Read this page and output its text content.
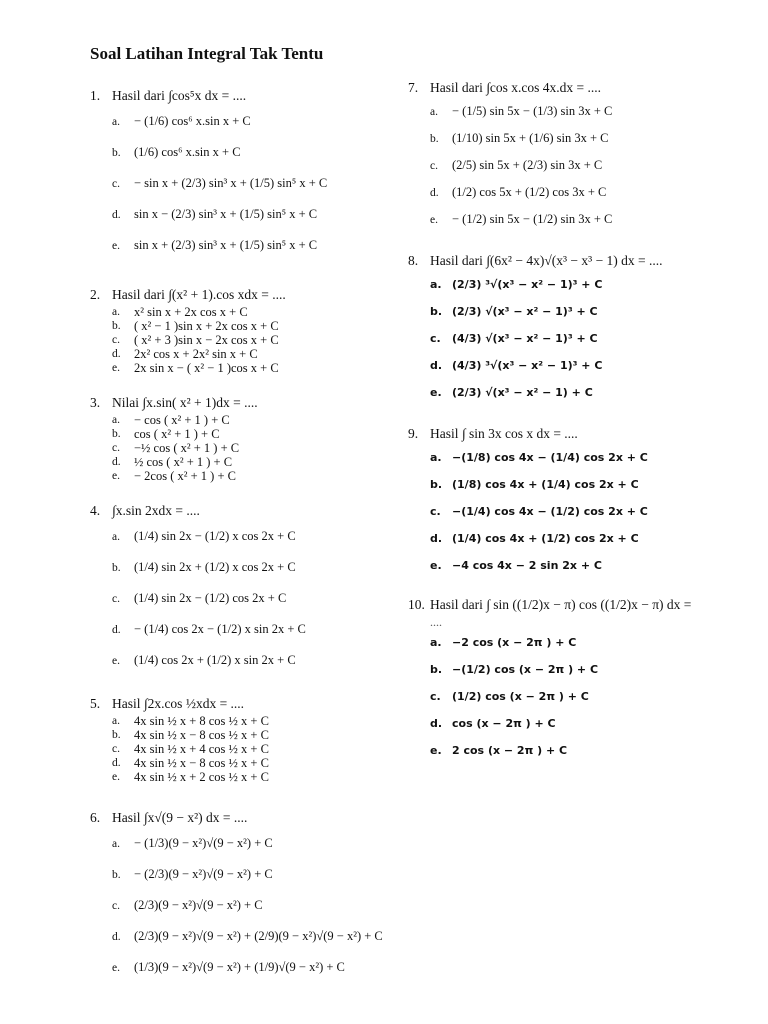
Soal Latihan Integral Tak Tentu
1. Hasil dari ∫cos⁵x dx = ....
a.	− (1/6) cos⁶ x.sin x + C
b.	(1/6) cos⁶ x.sin x + C
c.	− sin x + (2/3) sin³ x + (1/5) sin⁵ x + C
d.	sin x − (2/3) sin³ x + (1/5) sin⁵ x + C
e.	sin x + (2/3) sin³ x + (1/5) sin⁵ x + C
2. Hasil dari ∫(x² + 1).cos xdx = ....
a.	x² sin x + 2x cos x + C
b.	( x² − 1 )sin x + 2x cos x + C
c.	( x² + 3 )sin x − 2x cos x + C
d.	2x² cos x + 2x² sin x + C
e.	2x sin x − ( x² − 1 )cos x + C
3. Nilai ∫x.sin( x² + 1)dx = ....
a.	− cos ( x² + 1 ) + C
b.	cos ( x² + 1 ) + C
c.	−½ cos ( x² + 1 ) + C
d.	½ cos ( x² + 1 ) + C
e.	− 2cos ( x² + 1 ) + C
4. ∫x.sin 2xdx = ....
a.	(1/4) sin 2x − (1/2) x cos 2x + C
b.	(1/4) sin 2x + (1/2) x cos 2x + C
c.	(1/4) sin 2x − (1/2) cos 2x + C
d.	− (1/4) cos 2x − (1/2) x sin 2x + C
e.	(1/4) cos 2x + (1/2) x sin 2x + C
5. Hasil ∫2x.cos ½xdx = ....
a.	4x sin ½ x + 8 cos ½ x + C
b.	4x sin ½ x − 8 cos ½ x + C
c.	4x sin ½ x + 4 cos ½ x + C
d.	4x sin ½ x − 8 cos ½ x + C
e.	4x sin ½ x + 2 cos ½ x + C
6. Hasil ∫x√(9 − x²) dx = ....
a.	− (1/3)(9 − x²)√(9 − x²) + C
b.	− (2/3)(9 − x²)√(9 − x²) + C
c.	(2/3)(9 − x²)√(9 − x²) + C
d.	(2/3)(9 − x²)√(9 − x²) + (2/9)(9 − x²)√(9 − x²) + C
e.	(1/3)(9 − x²)√(9 − x²) + (1/9)√(9 − x²) + C
7. Hasil dari ∫cos x.cos 4x.dx = ....
a.	− (1/5) sin 5x − (1/3) sin 3x + C
b.	(1/10) sin 5x + (1/6) sin 3x + C
c.	(2/5) sin 5x + (2/3) sin 3x + C
d.	(1/2) cos 5x + (1/2) cos 3x + C
e.	− (1/2) sin 5x − (1/2) sin 3x + C
8. Hasil dari ∫(6x² − 4x)√(x³ − x³ − 1) dx = ....
a. (2/3) ³√(x³ − x² − 1)³ + C
b. (2/3) √(x³ − x² − 1)³ + C
c.	(4/3) √(x³ − x² − 1)³ + C
d. (4/3) ³√(x³ − x² − 1)³ + C
e. (2/3) √(x³ − x² − 1) + C
9. Hasil ∫ sin 3x cos x dx = ....
a. −(1/8) cos 4x − (1/4) cos 2x + C
b. (1/8) cos 4x + (1/4) cos 2x + C
c.	−(1/4) cos 4x − (1/2) cos 2x + C
d. (1/4) cos 4x + (1/2) cos 2x + C
e. −4 cos 4x − 2 sin 2x + C
10. Hasil dari ∫ sin ((1/2)x − π) cos ((1/2)x − π) dx =
....
a. −2 cos (x − 2π ) + C
b. −(1/2) cos (x − 2π ) + C
c.	(1/2) cos (x − 2π ) + C
d. cos (x − 2π ) + C
e. 2 cos (x − 2π ) + C
